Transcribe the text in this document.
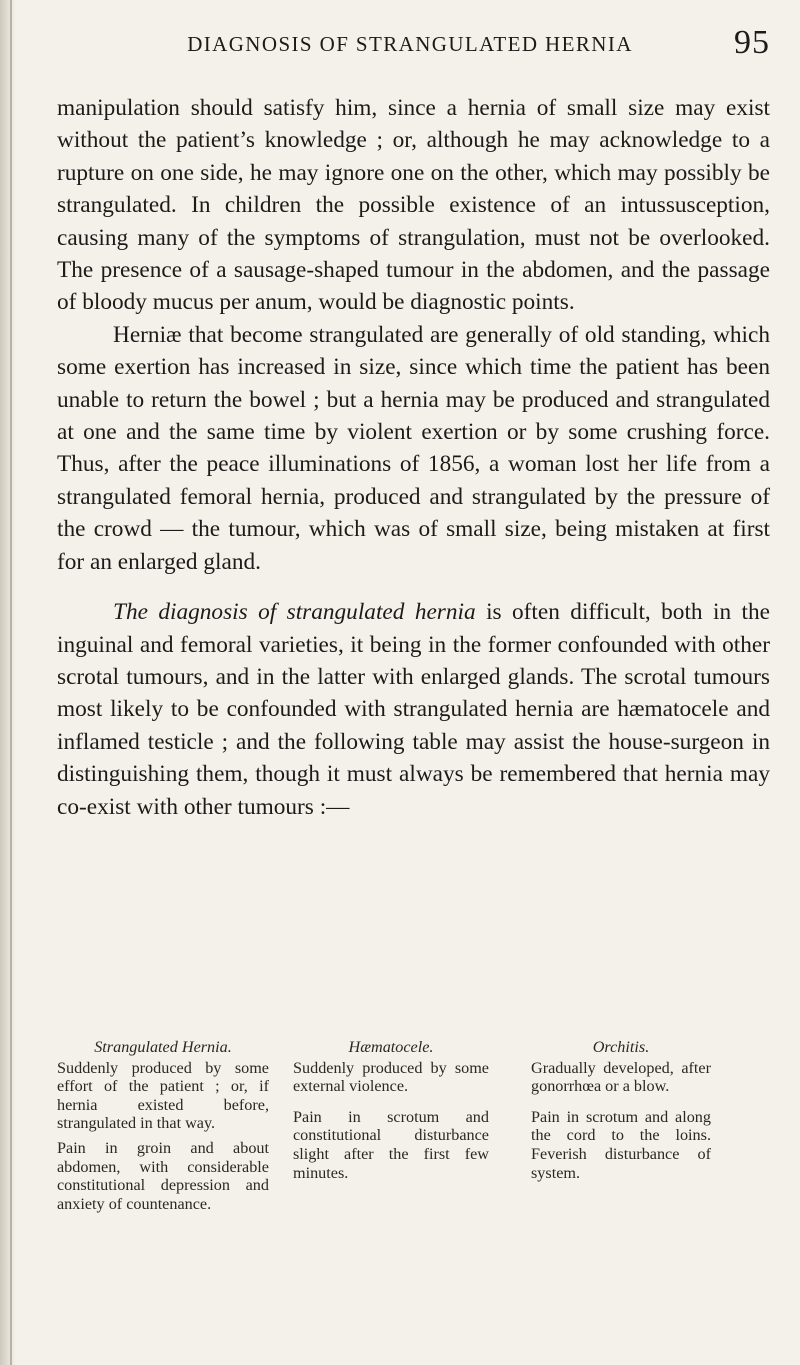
DIAGNOSIS OF STRANGULATED HERNIA	95

manipulation should satisfy him, since a hernia of small size may exist without the patient’s knowledge ; or, although he may acknowledge to a rupture on one side, he may ignore one on the other, which may possibly be strangulated. In children the possible existence of an intussusception, causing many of the symptoms of strangulation, must not be overlooked. The presence of a sausage-shaped tumour in the abdomen, and the passage of bloody mucus per anum, would be diagnostic points.

Herniæ that become strangulated are generally of old standing, which some exertion has increased in size, since which time the patient has been unable to return the bowel ; but a hernia may be produced and strangulated at one and the same time by violent exertion or by some crushing force. Thus, after the peace illuminations of 1856, a woman lost her life from a strangulated femoral hernia, produced and strangulated by the pressure of the crowd — the tumour, which was of small size, being mistaken at first for an enlarged gland.

The diagnosis of strangulated hernia is often difficult, both in the inguinal and femoral varieties, it being in the former confounded with other scrotal tumours, and in the latter with enlarged glands. The scrotal tumours most likely to be confounded with strangulated hernia are hæmatocele and inflamed testicle ; and the following table may assist the house-surgeon in distinguishing them, though it must always be remembered that hernia may co-exist with other tumours :—

Strangulated Hernia.

Suddenly produced by some effort of the patient ; or, if hernia existed before, strangulated in that way.

Pain in groin and about abdomen, with considerable constitutional depression and anxiety of countenance.

Hæmatocele.

Suddenly produced by some external violence.

Pain in scrotum and constitutional disturbance slight after the first few minutes.

Orchitis.

Gradually developed, after gonorrhœa or a blow.

Pain in scrotum and along the cord to the loins. Feverish disturbance of system.
